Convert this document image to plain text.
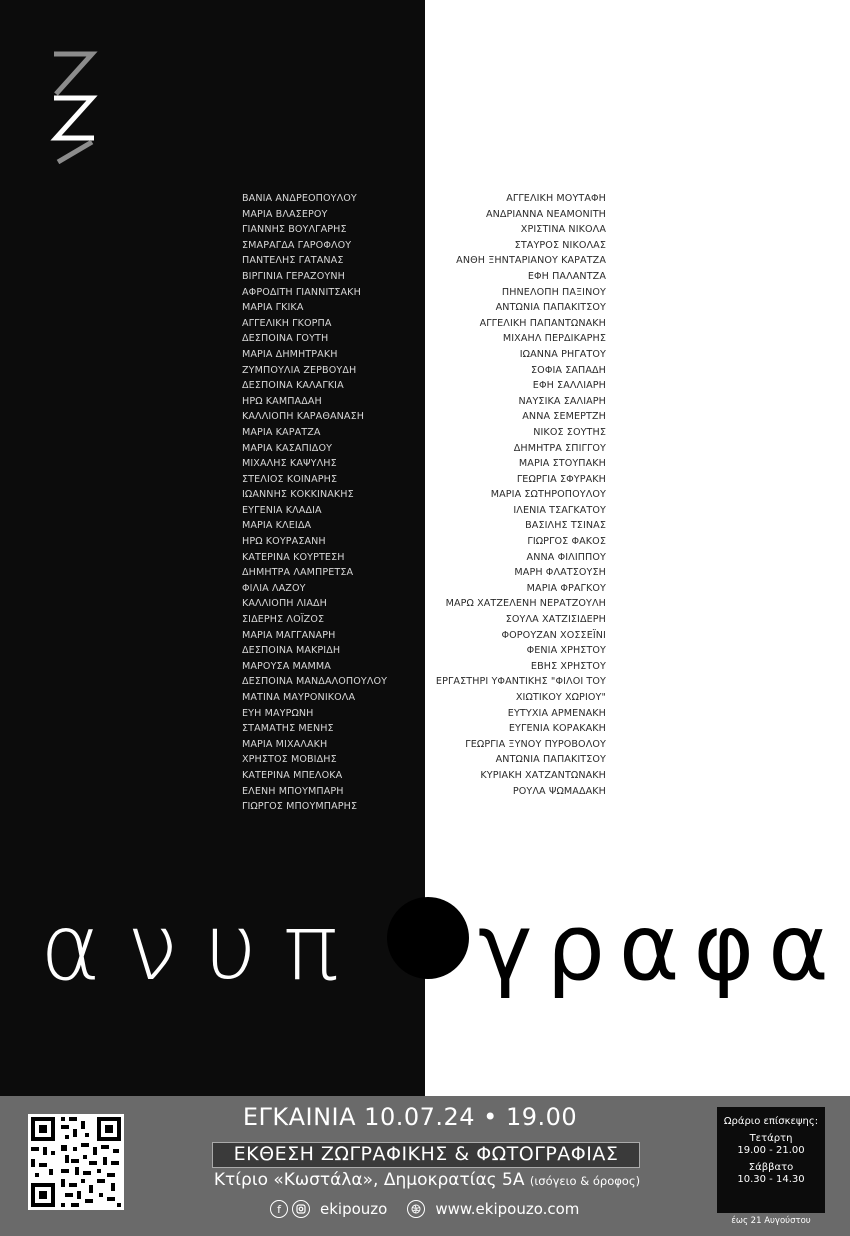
ΒΑΝΙΑ ΑΝΔΡΕΟΠΟΥΛΟΥ
ΜΑΡΙΑ ΒΛΑΣΕΡΟΥ
ΓΙΑΝΝΗΣ ΒΟΥΛΓΑΡΗΣ
ΣΜΑΡΑΓΔΑ ΓΑΡΟΦΛΟΥ
ΠΑΝΤΕΛΗΣ ΓΑΤΑΝΑΣ
ΒΙΡΓΙΝΙΑ ΓΕΡΑΖΟΥΝΗ
ΑΦΡΟΔΙΤΗ ΓΙΑΝΝΙΤΣΑΚΗ
ΜΑΡΙΑ ΓΚΙΚΑ
ΑΓΓΕΛΙΚΗ ΓΚΟΡΠΑ
ΔΕΣΠΟΙΝΑ ΓΟΥΤΗ
ΜΑΡΙΑ ΔΗΜΗΤΡΑΚΗ
ΖΥΜΠΟΥΛΙΑ ΖΕΡΒΟΥΔΗ
ΔΕΣΠΟΙΝΑ ΚΑΛΑΓΚΙΑ
ΗΡΩ ΚΑΜΠΑΔΑΗ
ΚΑΛΛΙΟΠΗ ΚΑΡΑΘΑΝΑΣΗ
ΜΑΡΙΑ ΚΑΡΑΤΖΑ
ΜΑΡΙΑ ΚΑΣΑΠΙΔΟΥ
ΜΙΧΑΛΗΣ ΚΑΨΥΛΗΣ
ΣΤΕΛΙΟΣ ΚΟΙΝΑΡΗΣ
ΙΩΑΝΝΗΣ ΚΟΚΚΙΝΑΚΗΣ
ΕΥΓΕΝΙΑ ΚΛΑΔΙΑ
ΜΑΡΙΑ ΚΛΕΙΔΑ
ΗΡΩ ΚΟΥΡΑΣΑΝΗ
ΚΑΤΕΡΙΝΑ ΚΟΥΡΤΕΣΗ
ΔΗΜΗΤΡΑ ΛΑΜΠΡΕΤΣΑ
ΦΙΛΙΑ ΛΑΖΟΥ
ΚΑΛΛΙΟΠΗ ΛΙΑΔΗ
ΣΙΔΕΡΗΣ ΛΟΪΖΟΣ
ΜΑΡΙΑ ΜΑΓΓΑΝΑΡΗ
ΔΕΣΠΟΙΝΑ ΜΑΚΡΙΔΗ
ΜΑΡΟΥΣΑ ΜΑΜΜΑ
ΔΕΣΠΟΙΝΑ ΜΑΝΔΑΛΟΠΟΥΛΟΥ
ΜΑΤΙΝΑ ΜΑΥΡΟΝΙΚΟΛΑ
ΕΥΗ ΜΑΥΡΩΝΗ
ΣΤΑΜΑΤΗΣ ΜΕΝΗΣ
ΜΑΡΙΑ ΜΙΧΑΛΑΚΗ
ΧΡΗΣΤΟΣ ΜΟΒΙΔΗΣ
ΚΑΤΕΡΙΝΑ ΜΠΕΛΟΚΑ
ΕΛΕΝΗ ΜΠΟΥΜΠΑΡΗ
ΓΙΩΡΓΟΣ ΜΠΟΥΜΠΑΡΗΣ
ΑΓΓΕΛΙΚΗ ΜΟΥΤΑΦΗ
ΑΝΔΡΙΑΝΝΑ ΝΕΑΜΟΝΙΤΗ
ΧΡΙΣΤΙΝΑ ΝΙΚΟΛΑ
ΣΤΑΥΡΟΣ ΝΙΚΟΛΑΣ
ΑΝΘΗ ΞΗΝΤΑΡΙΑΝΟΥ ΚΑΡΑΤΖΑ
ΕΦΗ ΠΑΛΑΝΤΖΑ
ΠΗΝΕΛΟΠΗ ΠΑΞΙΝΟΥ
ΑΝΤΩΝΙΑ ΠΑΠΑΚΙΤΣΟΥ
ΑΓΓΕΛΙΚΗ ΠΑΠΑΝΤΩΝΑΚΗ
ΜΙΧΑΗΛ ΠΕΡΔΙΚΑΡΗΣ
ΙΩΑΝΝΑ ΡΗΓΑΤΟΥ
ΣΟΦΙΑ ΣΑΠΑΔΗ
ΕΦΗ ΣΑΛΛΙΑΡΗ
ΝΑΥΣΙΚΑ ΣΑΛΙΑΡΗ
ΑΝΝΑ ΣΕΜΕΡΤΖΗ
ΝΙΚΟΣ ΣΟΥΤΗΣ
ΔΗΜΗΤΡΑ ΣΠΙΓΓΟΥ
ΜΑΡΙΑ ΣΤΟΥΠΑΚΗ
ΓΕΩΡΓΙΑ ΣΦΥΡΑΚΗ
ΜΑΡΙΑ ΣΩΤΗΡΟΠΟΥΛΟΥ
ΙΛΕΝΙΑ ΤΣΑΓΚΑΤΟΥ
ΒΑΣΙΛΗΣ ΤΣΙΝΑΣ
ΓΙΩΡΓΟΣ ΦΑΚΟΣ
ΑΝΝΑ ΦΙΛΙΠΠΟΥ
ΜΑΡΗ ΦΛΑΤΣΟΥΣΗ
ΜΑΡΙΑ ΦΡΑΓΚΟΥ
ΜΑΡΩ ΧΑΤΖΕΛΕΝΗ ΝΕΡΑΤΖΟΥΛΗ
ΣΟΥΛΑ ΧΑΤΖΙΣΙΔΕΡΗ
ΦΟΡΟΥΖΑΝ ΧΟΣΣΕΪΝΙ
ΦΕΝΙΑ ΧΡΗΣΤΟΥ
ΕΒΗΣ ΧΡΗΣΤΟΥ
ΕΡΓΑΣΤΗΡΙ ΥΦΑΝΤΙΚΗΣ "ΦΙΛΟΙ ΤΟΥ
ΧΙΩΤΙΚΟΥ ΧΩΡΙΟΥ"
ΕΥΤΥΧΙΑ ΑΡΜΕΝΑΚΗ
ΕΥΓΕΝΙΑ ΚΟΡΑΚΑΚΗ
ΓΕΩΡΓΙΑ ΞΥΝΟΥ ΠΥΡΟΒΟΛΟΥ
ΑΝΤΩΝΙΑ ΠΑΠΑΚΙΤΣΟΥ
ΚΥΡΙΑΚΗ ΧΑΤΖΑΝΤΩΝΑΚΗ
ΡΟΥΛΑ ΨΩΜΑΔΑΚΗ
ανυπ	γραφα
ΕΓΚΑΙΝΙΑ 10.07.24 • 19.00
ΕΚΘΕΣΗ ΖΩΓΡΑΦΙΚΗΣ & ΦΩΤΟΓΡΑΦΙΑΣ
Κτίριο «Κωστάλα», Δημοκρατίας 5Α (ισόγειο & όροφος)
f	ekipouzo	www.ekipouzo.com
Ωράριο επίσκεψης:
Τετάρτη
19.00 - 21.00
Σάββατο
10.30 - 14.30
έως 21 Αυγούστου
